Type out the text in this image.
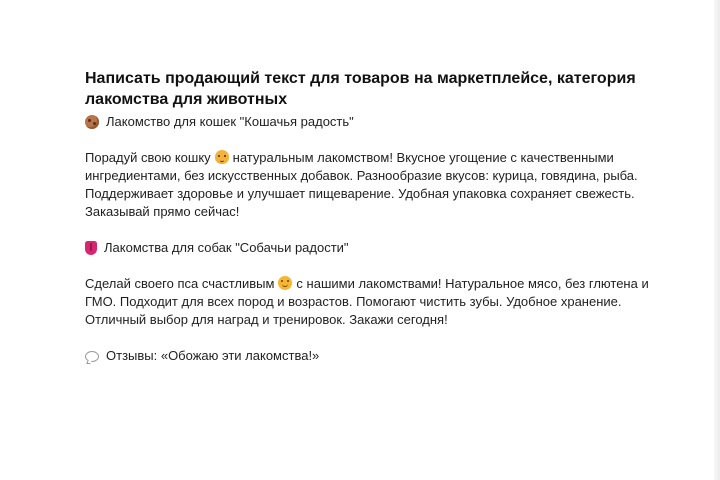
Написать продающий текст для товаров на маркетплейсе, категория лакомства для животных
Лакомство для кошек "Кошачья радость"

Порадуй свою кошку натуральным лакомством! Вкусное угощение с качественными ингредиентами, без искусственных добавок. Разнообразие вкусов: курица, говядина, рыба. Поддерживает здоровье и улучшает пищеварение. Удобная упаковка сохраняет свежесть. Заказывай прямо сейчас!

Лакомства для собак "Собачьи радости"

Сделай своего пса счастливым с нашими лакомствами! Натуральное мясо, без глютена и ГМО. Подходит для всех пород и возрастов. Помогают чистить зубы. Удобное хранение. Отличный выбор для наград и тренировок. Закажи сегодня!

Отзывы: «Обожаю эти лакомства!»
